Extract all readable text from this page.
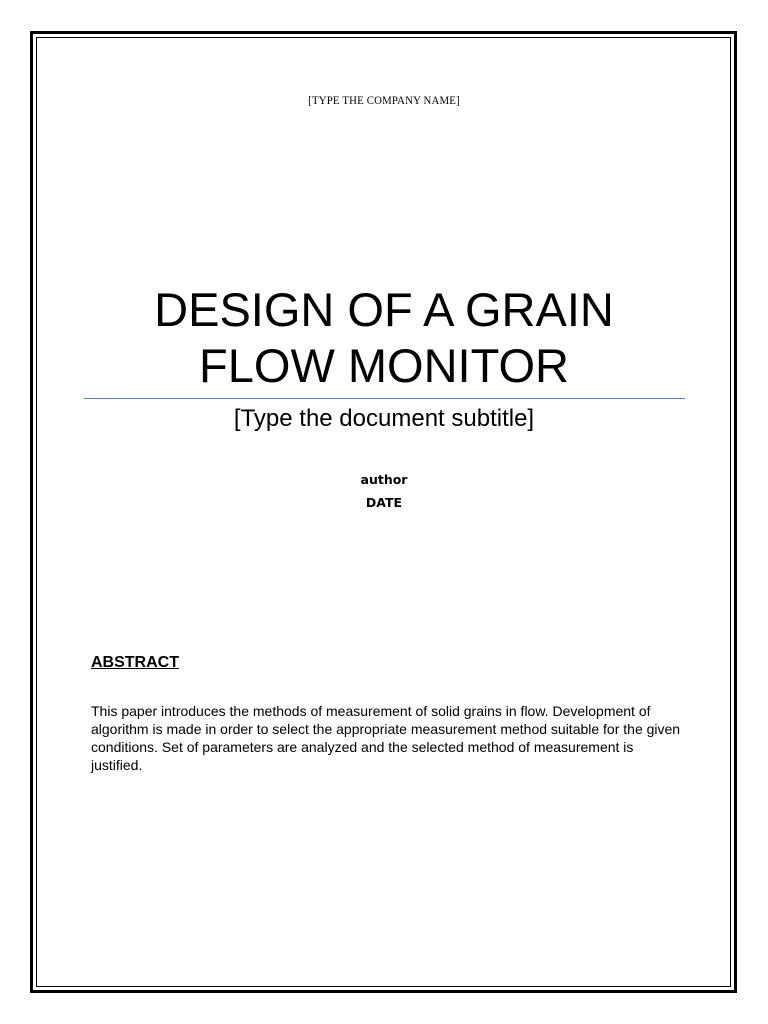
[TYPE THE COMPANY NAME]
DESIGN OF A GRAIN
FLOW MONITOR
[Type the document subtitle]
author
DATE
ABSTRACT

This paper introduces the methods of measurement of solid grains in flow. Development of algorithm is made in order to select the appropriate measurement method suitable for the given conditions. Set of parameters are analyzed and the selected method of measurement is justified.
